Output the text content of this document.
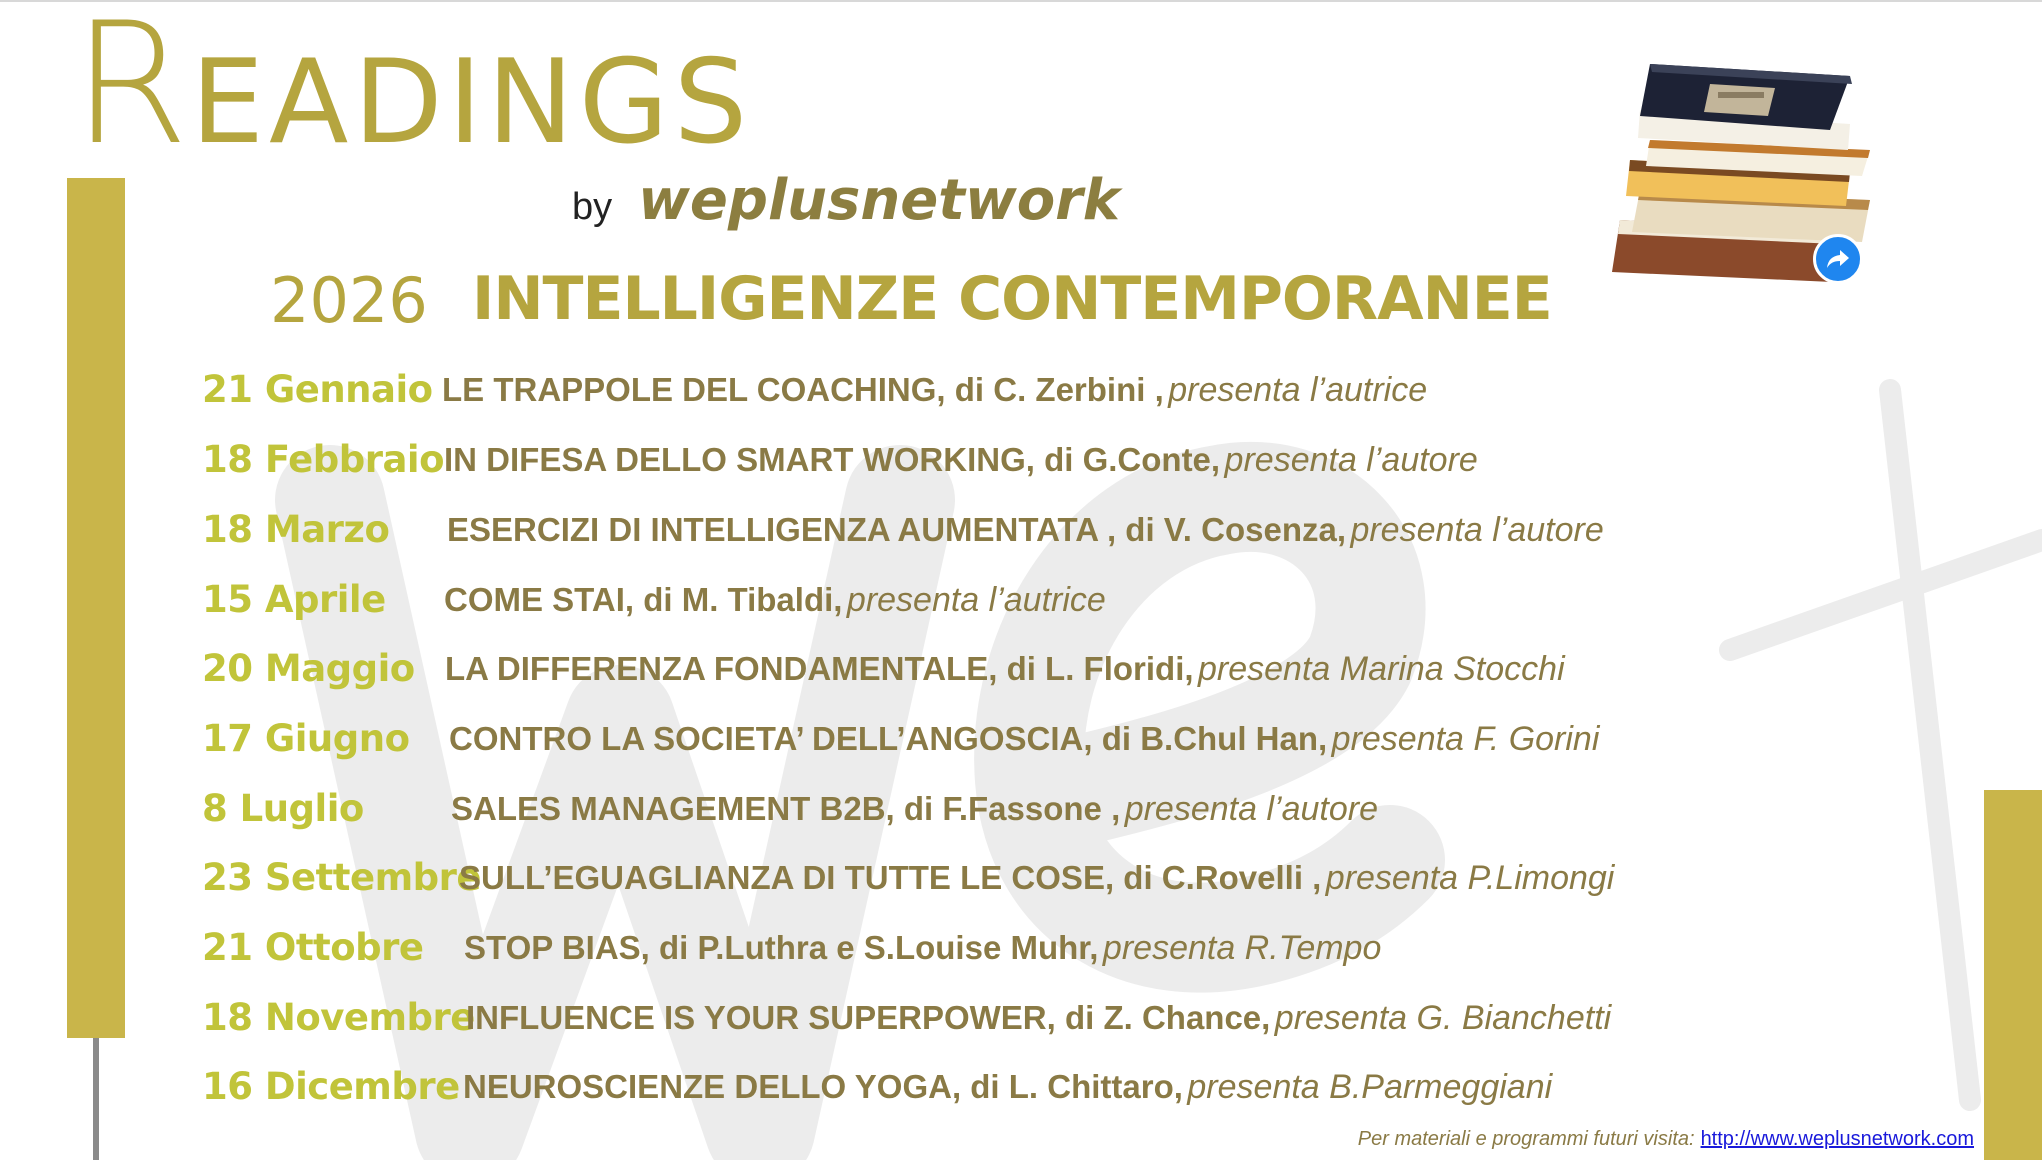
READINGS
by weplusnetwork
2026 INTELLIGENZE CONTEMPORANEE
21 Gennaio LE TRAPPOLE DEL COACHING, di C. Zerbini , presenta l’autrice
18 Febbraio IN DIFESA DELLO SMART WORKING, di G.Conte, presenta l’autore
18 Marzo ESERCIZI DI INTELLIGENZA AUMENTATA , di V. Cosenza, presenta l’autore
15 Aprile COME STAI, di M. Tibaldi, presenta l’autrice
20 Maggio LA DIFFERENZA FONDAMENTALE, di L. Floridi, presenta Marina Stocchi
17 Giugno CONTRO LA SOCIETA’ DELL’ANGOSCIA, di B.Chul Han, presenta F. Gorini
8 Luglio	SALES MANAGEMENT B2B, di F.Fassone , presenta l’autore
23 Settembre
SULL’EGUAGLIANZA DI TUTTE LE COSE, di C.Rovelli , presenta P.Limongi
21 Ottobre STOP BIAS, di P.Luthra e S.Louise Muhr, presenta R.Tempo
18 Novembre
INFLUENCE IS YOUR SUPERPOWER, di Z. Chance, presenta G. Bianchetti
16 Dicembre NEUROSCIENZE DELLO YOGA, di L. Chittaro, presenta B.Parmeggiani
Per materiali e programmi futuri visita: http://www.weplusnetwork.com
